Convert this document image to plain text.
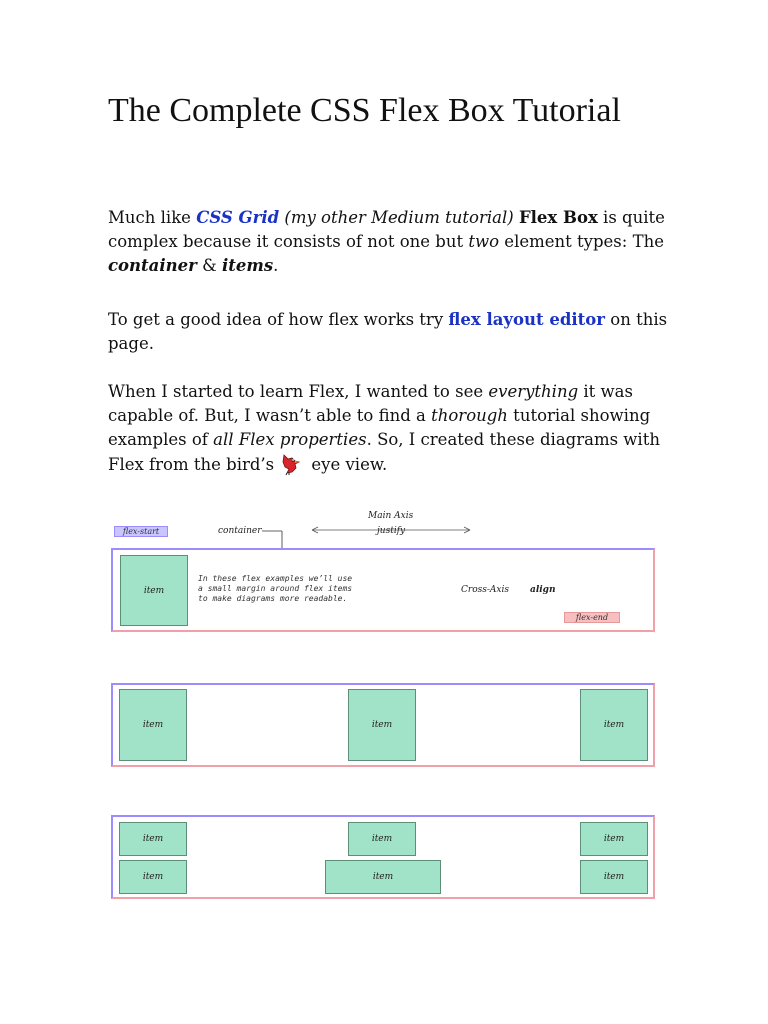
The Complete CSS Flex Box Tutorial

Much like CSS Grid (my other Medium tutorial) Flex Box is quite complex because it consists of not one but two element types: The container & items.

To get a good idea of how flex works try flex layout editor on this page.

When I started to learn Flex, I wanted to see everything it was capable of. But, I wasn’t able to find a thorough tutorial showing examples of all Flex properties. So, I created these diagrams with Flex from the bird’s eye view.

flex-start	container
Main Axis
justify
item
In these flex examples we’ll use
a small margin around flex items
to make diagrams more readable.
Cross-Axis align
flex-end
item	item	item
item	item	item
item	item	item
